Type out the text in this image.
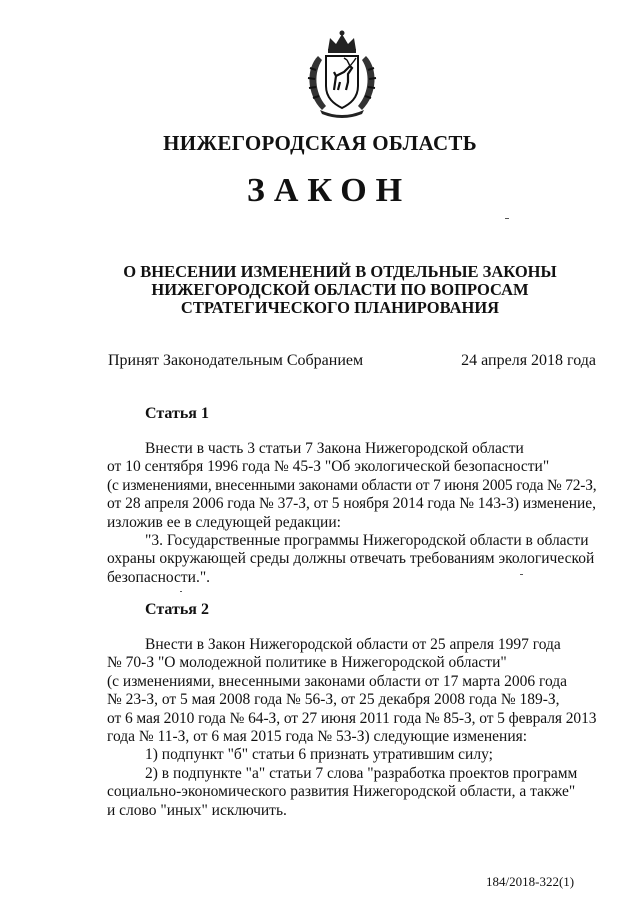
НИЖЕГОРОДСКАЯ ОБЛАСТЬ
ЗАКОН
О ВНЕСЕНИИ ИЗМЕНЕНИЙ В ОТДЕЛЬНЫЕ ЗАКОНЫ
НИЖЕГОРОДСКОЙ ОБЛАСТИ ПО ВОПРОСАМ
СТРАТЕГИЧЕСКОГО ПЛАНИРОВАНИЯ
Принят Законодательным Собранием	24 апреля 2018 года
Статья 1
Внести в часть 3 статьи 7 Закона Нижегородской области
от 10 сентября 1996 года № 45-З "Об экологической безопасности"
(с изменениями, внесенными законами области от 7 июня 2005 года № 72-З,
от 28 апреля 2006 года № 37-З, от 5 ноября 2014 года № 143-З) изменение,
изложив ее в следующей редакции:
"3. Государственные программы Нижегородской области в области
охраны окружающей среды должны отвечать требованиям экологической
безопасности.".
Статья 2
Внести в Закон Нижегородской области от 25 апреля 1997 года
№ 70-З "О молодежной политике в Нижегородской области"
(с изменениями, внесенными законами области от 17 марта 2006 года
№ 23-З, от 5 мая 2008 года № 56-З, от 25 декабря 2008 года № 189-З,
от 6 мая 2010 года № 64-З, от 27 июня 2011 года № 85-З, от 5 февраля 2013
года № 11-З, от 6 мая 2015 года № 53-З) следующие изменения:
1) подпункт "б" статьи 6 признать утратившим силу;
2) в подпункте "а" статьи 7 слова "разработка проектов программ
социально-экономического развития Нижегородской области, а также"
и слово "иных" исключить.
184/2018-322(1)
